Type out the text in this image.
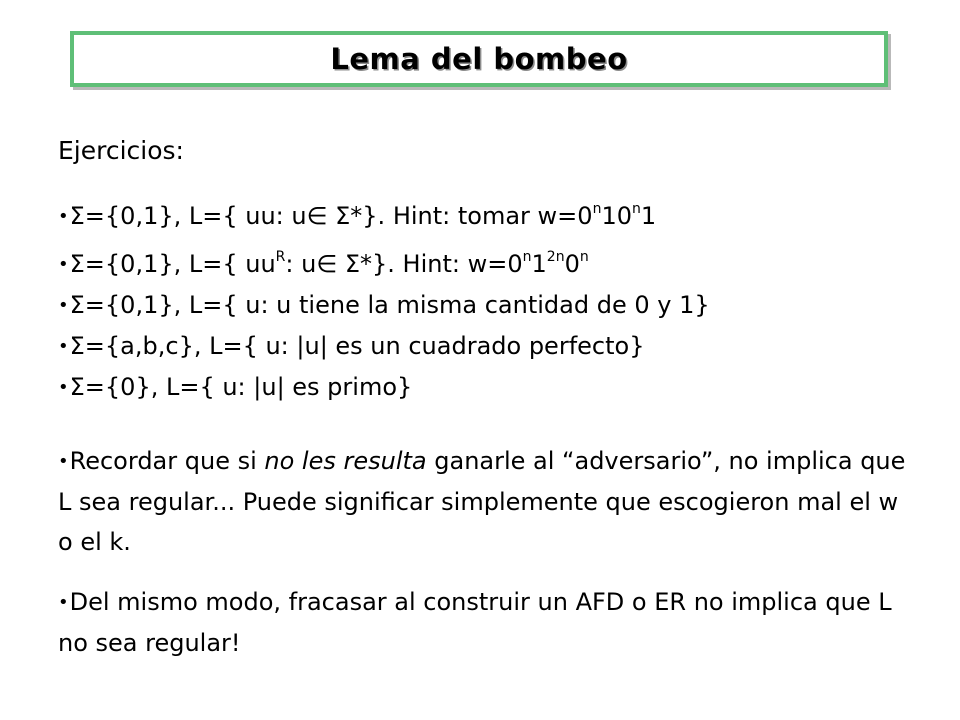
Lema del bombeo
Ejercicios:
•Σ={0,1}, L={ uu: u∈ Σ*}. Hint: tomar $w=0^n10^n1$
•Σ={0,1}, L={ $uu^R$: u∈ Σ*}. Hint: $w=0^n1^{2n}0^n$
•Σ={0,1}, L={ u: u tiene la misma cantidad de 0 y 1}
•Σ={a,b,c}, L={ u: |u| es un cuadrado perfecto}
•Σ={0}, L={ u: |u| es primo}

•Recordar que si no les resulta ganarle al “adversario”, no implica que L sea regular... Puede significar simplemente que escogieron mal el w o el k.

•Del mismo modo, fracasar al construir un AFD o ER no implica que L no sea regular!
